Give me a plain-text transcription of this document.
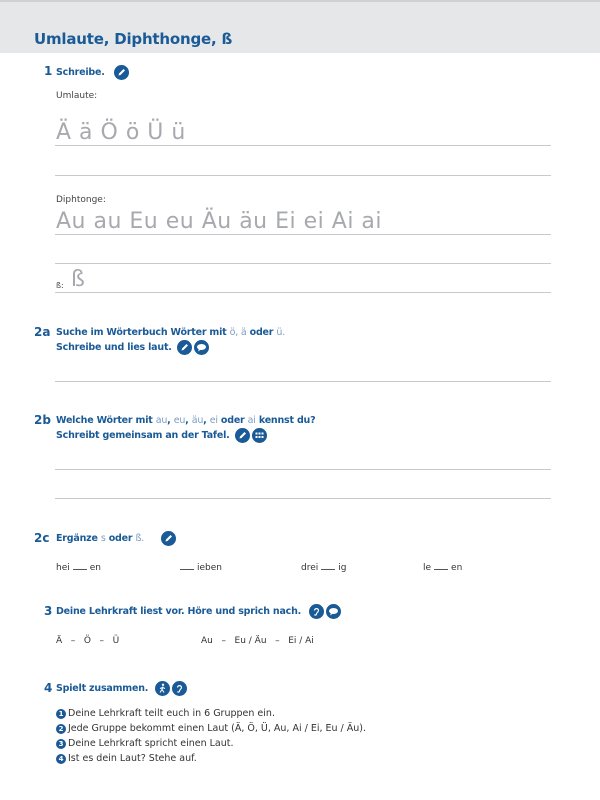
Umlaute, Diphthonge, ß
1 Schreibe.
Umlaute:
Ä ä Ö ö Ü ü
Diphtonge:
Au au Eu eu Äu äu Ei ei Ai ai
ß: ß
2a Suche im Wörterbuch Wörter mit ö, ä oder ü.
Schreibe und lies laut.
2b Welche Wörter mit au, eu, äu, ei oder ai kennst du?
Schreibt gemeinsam an der Tafel.
2c Ergänze s oder ß.
hei en	ieben	drei ig	le en
3 Deine Lehrkraft liest vor. Höre und sprich nach.
Ä   –   Ö   –   Ü	Au   –   Eu / Äu   –   Ei / Ai
4 Spielt zusammen.
1 Deine Lehrkraft teilt euch in 6 Gruppen ein.
2 Jede Gruppe bekommt einen Laut (Ä, Ö, Ü, Au, Ai / Ei, Eu / Äu).
3 Deine Lehrkraft spricht einen Laut.
4 Ist es dein Laut? Stehe auf.
